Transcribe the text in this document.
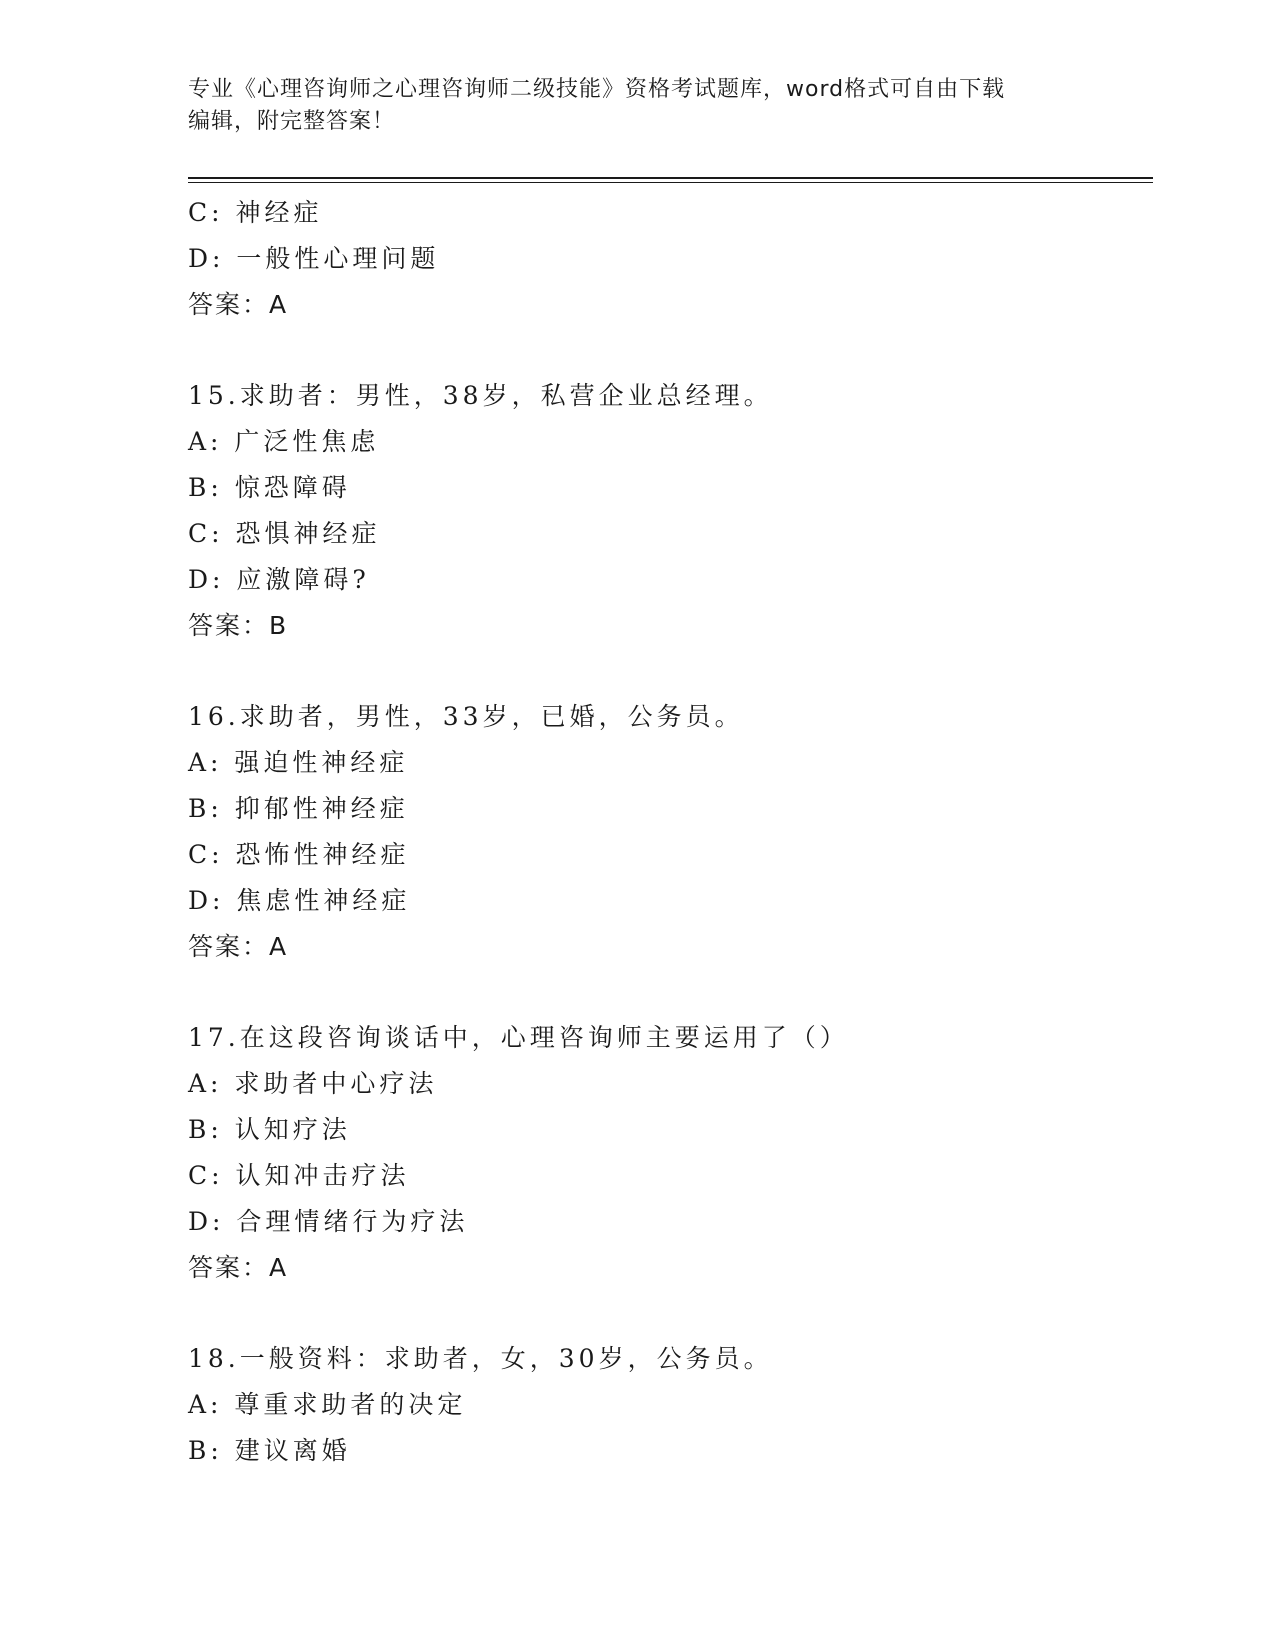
专业《心理咨询师之心理咨询师二级技能》资格考试题库，word格式可自由下载
编辑，附完整答案！
C: 神经症
D: 一般性心理问题
答案：A
15.求助者：男性，38岁，私营企业总经理。
A: 广泛性焦虑
B: 惊恐障碍
C: 恐惧神经症
D: 应激障碍?
答案：B
16.求助者，男性，33岁，已婚，公务员。
A: 强迫性神经症
B: 抑郁性神经症
C: 恐怖性神经症
D: 焦虑性神经症
答案：A
17.在这段咨询谈话中，心理咨询师主要运用了（）
A: 求助者中心疗法
B: 认知疗法
C: 认知冲击疗法
D: 合理情绪行为疗法
答案：A
18.一般资料：求助者，女，30岁，公务员。
A: 尊重求助者的决定
B: 建议离婚
